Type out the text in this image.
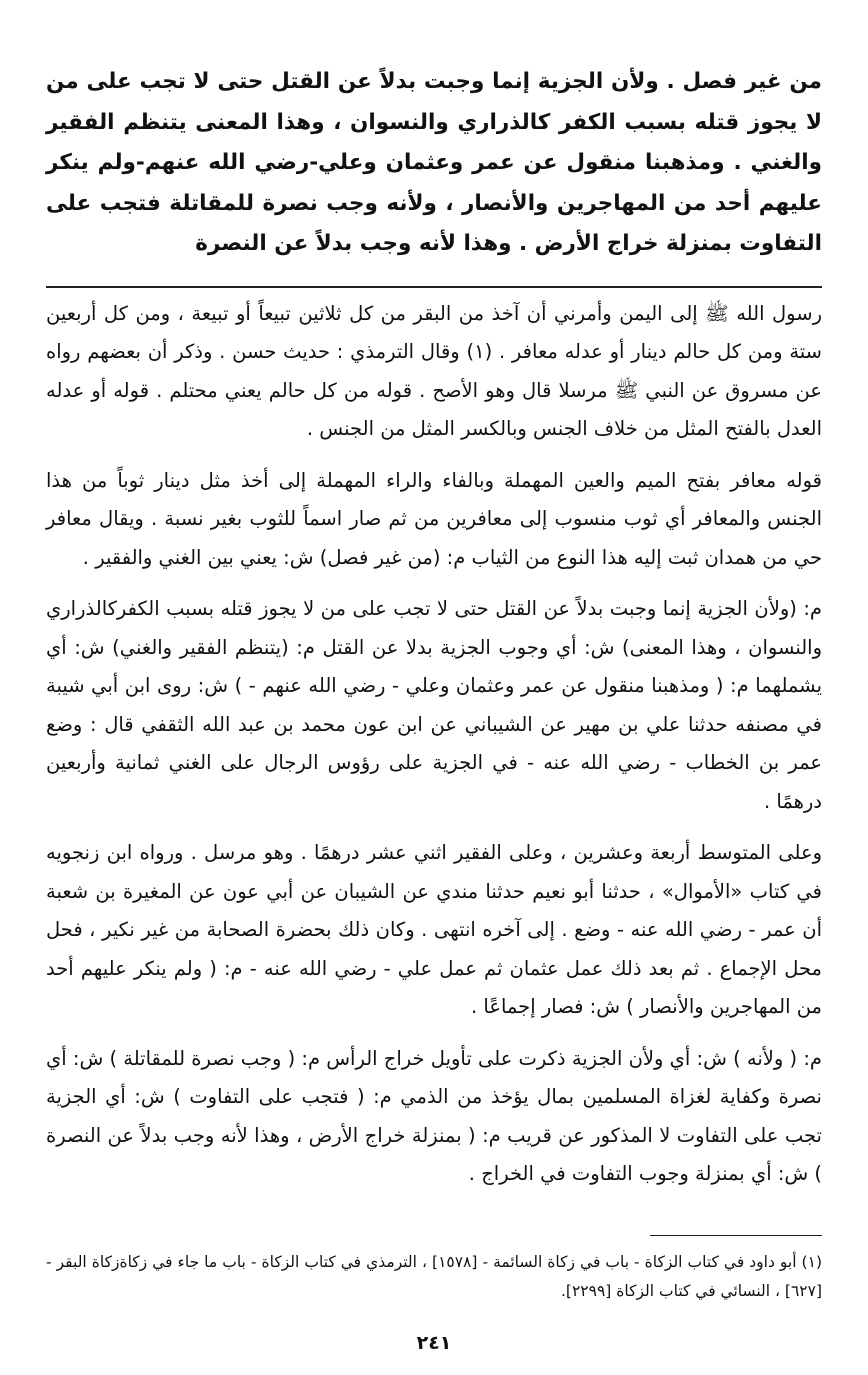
من غير فصل . ولأن الجزية إنما وجبت بدلاً عن القتل حتى لا تجب على من لا يجوز قتله بسبب الكفر كالذراري والنسوان ، وهذا المعنى يتنظم الفقير والغني . ومذهبنا منقول عن عمر وعثمان وعلي-رضي الله عنهم-ولم ينكر عليهم أحد من المهاجرين والأنصار ، ولأنه وجب نصرة للمقاتلة فتجب على التفاوت بمنزلة خراج الأرض . وهذا لأنه وجب بدلاً عن النصرة

رسول الله ﷺ إلى اليمن وأمرني أن آخذ من البقر من كل ثلاثين تبيعاً أو تبيعة ، ومن كل أربعين ستة ومن كل حالم دينار أو عدله معافر . (١) وقال الترمذي : حديث حسن . وذكر أن بعضهم رواه عن مسروق عن النبي ﷺ مرسلا قال وهو الأصح . قوله من كل حالم يعني محتلم . قوله أو عدله العدل بالفتح المثل من خلاف الجنس وبالكسر المثل من الجنس .

قوله معافر بفتح الميم والعين المهملة وبالفاء والراء المهملة إلى أخذ مثل دينار ثوباً من هذا الجنس والمعافر أي ثوب منسوب إلى معافرين من ثم صار اسماً للثوب بغير نسبة . ويقال معافر حي من همدان ثبت إليه هذا النوع من الثياب م: (من غير فصل) ش: يعني بين الغني والفقير .

م: (ولأن الجزية إنما وجبت بدلاً عن القتل حتى لا تجب على من لا يجوز قتله بسبب الكفركالذراري والنسوان ، وهذا المعنى) ش: أي وجوب الجزية بدلا عن القتل م: (يتنظم الفقير والغني) ش: أي يشملهما م: ( ومذهبنا منقول عن عمر وعثمان وعلي - رضي الله عنهم - ) ش: روى ابن أبي شيبة في مصنفه حدثنا علي بن مهير عن الشيباني عن ابن عون محمد بن عبد الله الثقفي قال : وضع عمر بن الخطاب - رضي الله عنه - في الجزية على رؤوس الرجال على الغني ثمانية وأربعين درهمًا .

وعلى المتوسط أربعة وعشرين ، وعلى الفقير اثني عشر درهمًا . وهو مرسل . ورواه ابن زنجويه في كتاب «الأموال» ، حدثنا أبو نعيم حدثنا مندي عن الشيبان عن أبي عون عن المغيرة بن شعبة أن عمر - رضي الله عنه - وضع . إلى آخره انتهى . وكان ذلك بحضرة الصحابة من غير نكير ، فحل محل الإجماع . ثم بعد ذلك عمل عثمان ثم عمل علي - رضي الله عنه - م: ( ولم ينكر عليهم أحد من المهاجرين والأنصار ) ش: فصار إجماعًا .

م: ( ولأنه ) ش: أي ولأن الجزية ذكرت على تأويل خراج الرأس م: ( وجب نصرة للمقاتلة ) ش: أي نصرة وكفاية لغزاة المسلمين بمال يؤخذ من الذمي م: ( فتجب على التفاوت ) ش: أي الجزية تجب على التفاوت لا المذكور عن قريب م: ( بمنزلة خراج الأرض ، وهذا لأنه وجب بدلاً عن النصرة ) ش: أي بمنزلة وجوب التفاوت في الخراج .

(١) أبو داود في كتاب الزكاة - باب في زكاة السائمة - [١٥٧٨] ، الترمذي في كتاب الزكاة - باب ما جاء في زكاةزكاة البقر - [٦٢٧] ، النسائي في كتاب الزكاة [٢٢٩٩].
٢٤١
